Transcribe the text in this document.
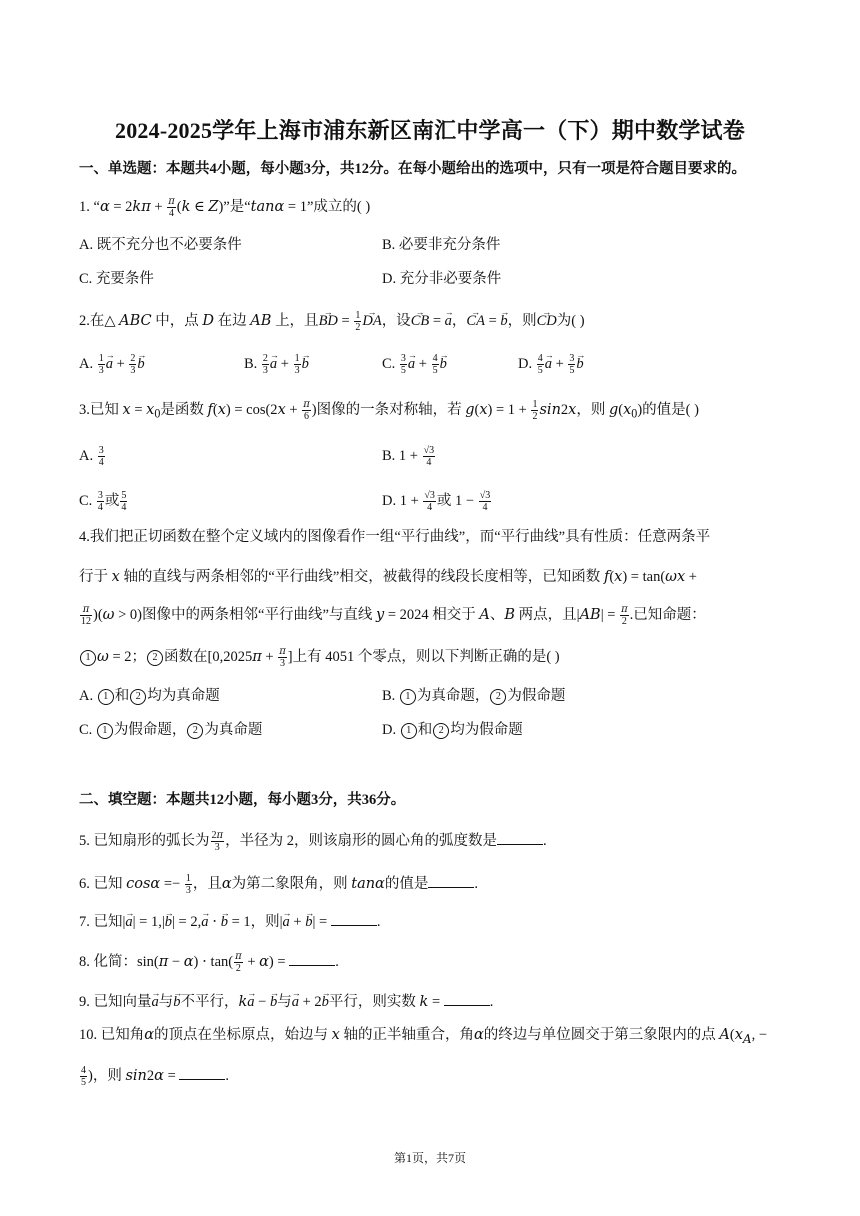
2024-2025学年上海市浦东新区南汇中学高一（下）期中数学试卷
一、单选题：本题共4小题，每小题3分，共12分。在每小题给出的选项中，只有一项是符合题目要求的。
1. “$\alpha = 2k\pi + \frac{\pi}{4} (k$ ∈ Z)”是“tanα = 1”成立的( )
A. 既不充分也不必要条件	B. 必要非充分条件
C. 充要条件	D. 充分非必要条件
2.在△ ABC 中，点 D 在边 AB 上，且→ BD = $\frac{1}{2}$
→ DA，设→ CB = → a，→ CA = → b，则→ CD为( )
A. $\frac{1}{3}$
→ $a + \frac{2}{3}$
→ b	B. $\frac{2}{3}$
→ $a + \frac{1}{3}$
→ b	C. $\frac{3}{5}$
→ $a + \frac{4}{5}$
→ b	D. $\frac{4}{5}$
→ $a + \frac{3}{5}$
→ b
3.已知 $x = x_0$是函数 $f(x) = \cos(2x + \frac{\pi}{6}$ )图像的一条对称轴，若 $g(x) = 1 + \frac{1}{2} \sin 2x$，则 $g(x_0)$的值是( )
A. $\frac{3}{4}$	B. $1 + \frac{√3}{4}$
C. $\frac{3}{4}$ 或 $\frac{5}{4}$	D. $1 + \frac{√3}{4}$ 或 $1 - \frac{√3}{4}$
4.我们把正切函数在整个定义域内的图像看作一组“平行曲线”，而“平行曲线”具有性质：任意两条平
行于 x 轴的直线与两条相邻的“平行曲线”相交，被截得的线段长度相等，已知函数 f(x) = tan(ωx +
$\frac{\pi}{12} )(\omega > 0)$图像中的两条相邻“平行曲线”与直线 y = 2024 相交于 A、B 两点，且$|AB| = \frac{\pi}{2}$ .已知命题：
1 ω = 2； 2 函数在[$0,2025\pi + \frac{\pi}{3}$ ]上有 4051 个零点，则以下判断正确的是( )
A. 1 和 2 均为真命题	B. 1 为真命题， 2 为假命题
C. 1 为假命题， 2 为真命题	D. 1 和 2 均为假命题
二、填空题：本题共12小题，每小题3分，共36分。
5. 已知扇形的弧长为 $\frac{2\pi}{3}$ ，半径为 2，则该扇形的圆心角的弧度数是	.
6. 已知 $\cos\alpha =- \frac{1}{3}$ ，且α为第二象限角，则 tanα的值是	.
7. 已知|→ a| = 1,|→ b| = 2,→ a ⋅ → b = 1，则|→ a + → b| =	.
8. 化简：$\sin(\pi - \alpha) \cdot \tan( \frac{\pi}{2} + \alpha)$ =	.
9. 已知向量→ a与→ b不平行，k→ a − → b与→ a + 2→ b平行，则实数 k =	.
10. 已知角α的顶点在坐标原点，始边与 x 轴的正半轴重合，角α的终边与单位圆交于第三象限内的点 $A(x_A$, −
$\frac{4}{5}$ )，则 sin2α =	.
第1页，共7页
